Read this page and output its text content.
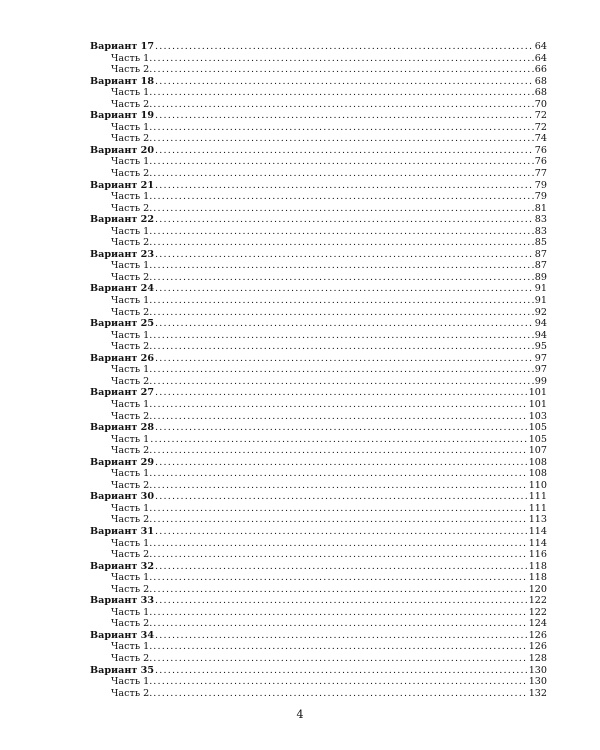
Вариант 17 .....	64
Часть 1. .....	64
Часть 2. .....	66
Вариант 18 .....	68
Часть 1. .....	68
Часть 2. .....	70
Вариант 19 .....	72
Часть 1. .....	72
Часть 2. .....	74
Вариант 20 .....	76
Часть 1. .....	76
Часть 2. .....	77
Вариант 21 .....	79
Часть 1. .....	79
Часть 2. .....	81
Вариант 22 .....	83
Часть 1. .....	83
Часть 2. .....	85
Вариант 23 .....	87
Часть 1. .....	87
Часть 2. .....	89
Вариант 24 .....	91
Часть 1. .....	91
Часть 2. .....	92
Вариант 25 .....	94
Часть 1. .....	94
Часть 2. .....	95
Вариант 26 .....	97
Часть 1. .....	97
Часть 2. .....	99
Вариант 27 .....	101
Часть 1. .....	101
Часть 2. .....	103
Вариант 28 .....	105
Часть 1 .....	105
Часть 2. .....	107
Вариант 29 .....	108
Часть 1. .....	108
Часть 2. .....	110
Вариант 30 .....	111
Часть 1. .....	111
Часть 2. .....	113
Вариант 31 .....	114
Часть 1. .....	114
Часть 2. .....	116
Вариант 32 .....	118
Часть 1. .....	118
Часть 2. .....	120
Вариант 33 .....	122
Часть 1. .....	122
Часть 2. .....	124
Вариант 34 .....	126
Часть 1. .....	126
Часть 2. .....	128
Вариант 35 .....	130
Часть 1. .....	130
Часть 2. .....	132
4
